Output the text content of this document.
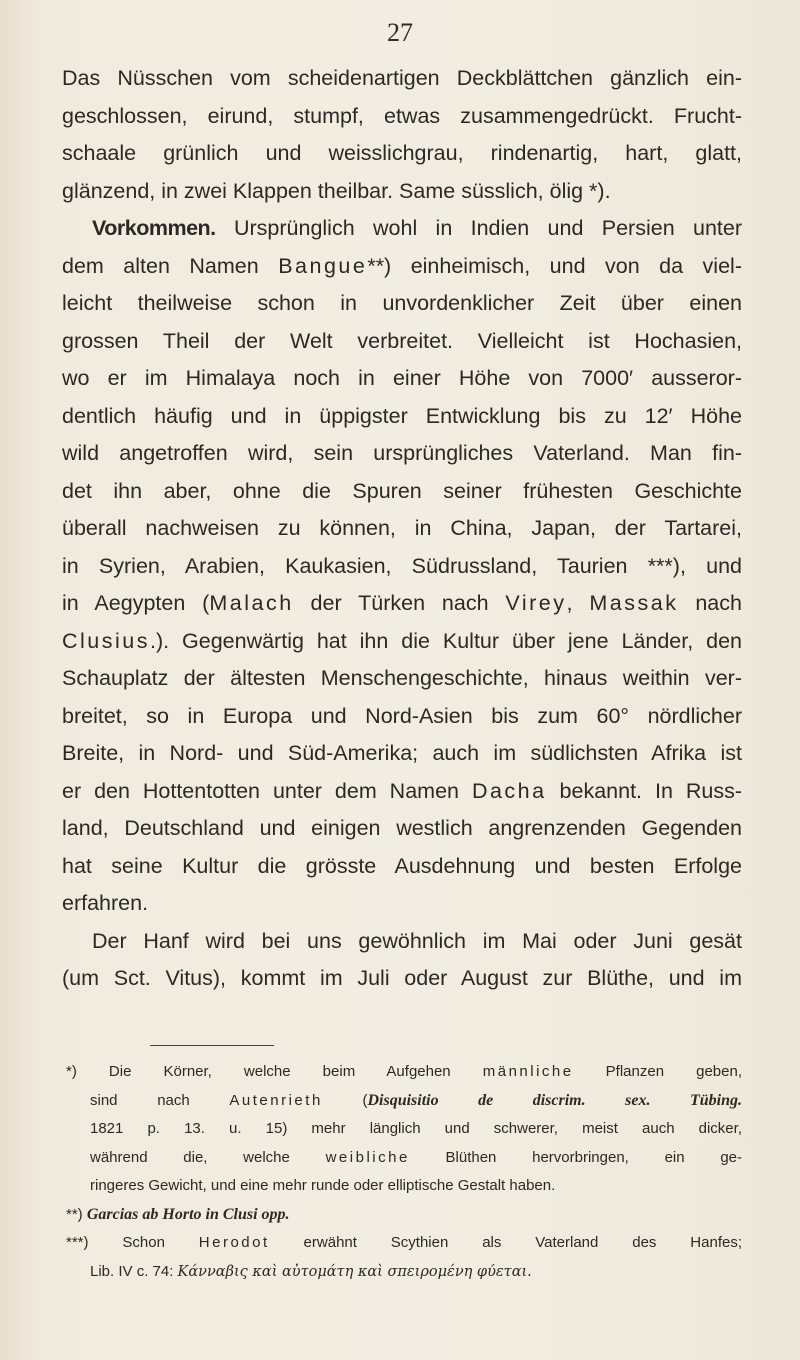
27
Das Nüsschen vom scheidenartigen Deckblättchen gänzlich ein-
geschlossen, eirund, stumpf, etwas zusammengedrückt. Frucht-
schaale grünlich und weisslichgrau, rindenartig, hart, glatt,
glänzend, in zwei Klappen theilbar. Same süsslich, ölig *).
Vorkommen. Ursprünglich wohl in Indien und Persien unter
dem alten Namen Bangue**) einheimisch, und von da viel-
leicht theilweise schon in unvordenklicher Zeit über einen
grossen Theil der Welt verbreitet. Vielleicht ist Hochasien,
wo er im Himalaya noch in einer Höhe von 7000′ ausseror-
dentlich häufig und in üppigster Entwicklung bis zu 12′ Höhe
wild angetroffen wird, sein ursprüngliches Vaterland. Man fin-
det ihn aber, ohne die Spuren seiner frühesten Geschichte
überall nachweisen zu können, in China, Japan, der Tartarei,
in Syrien, Arabien, Kaukasien, Südrussland, Taurien ***), und
in Aegypten (Malach der Türken nach Virey, Massak nach
Clusius.). Gegenwärtig hat ihn die Kultur über jene Länder, den
Schauplatz der ältesten Menschengeschichte, hinaus weithin ver-
breitet, so in Europa und Nord-Asien bis zum 60° nördlicher
Breite, in Nord- und Süd-Amerika; auch im südlichsten Afrika ist
er den Hottentotten unter dem Namen Dacha bekannt. In Russ-
land, Deutschland und einigen westlich angrenzenden Gegenden
hat seine Kultur die grösste Ausdehnung und besten Erfolge
erfahren.
Der Hanf wird bei uns gewöhnlich im Mai oder Juni gesät
(um Sct. Vitus), kommt im Juli oder August zur Blüthe, und im
*) Die Körner, welche beim Aufgehen männliche Pflanzen geben,
sind nach Autenrieth (Disquisitio de discrim. sex. Tübing.
1821 p. 13. u. 15) mehr länglich und schwerer, meist auch dicker,
während die, welche weibliche Blüthen hervorbringen, ein ge-
ringeres Gewicht, und eine mehr runde oder elliptische Gestalt haben.
**) Garcias ab Horto in Clusi opp.
***) Schon Herodot erwähnt Scythien als Vaterland des Hanfes;
Lib. IV c. 74: Κάνναβις καὶ αὐτομάτη καὶ σπειρομένη φύεται.
